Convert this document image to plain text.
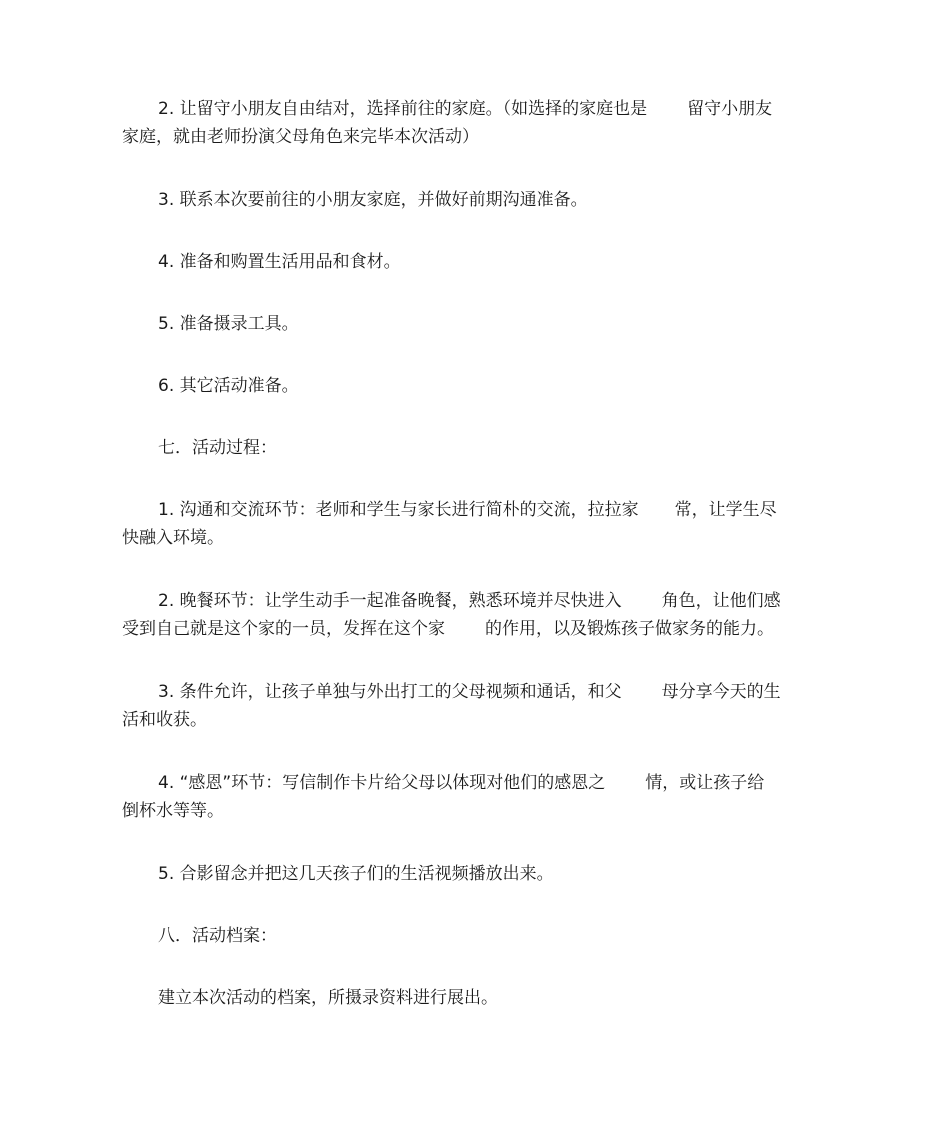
2. 让留守小朋友自由结对，选择前往的家庭。（如选择的家庭也是 留守小朋友
家庭，就由老师扮演父母角色来完毕本次活动）
3. 联系本次要前往的小朋友家庭，并做好前期沟通准备。
4. 准备和购置生活用品和食材。
5. 准备摄录工具。
6. 其它活动准备。
七．活动过程：
1. 沟通和交流环节：老师和学生与家长进行简朴的交流，拉拉家 常，让学生尽
快融入环境。
2. 晚餐环节：让学生动手一起准备晚餐，熟悉环境并尽快进入 角色，让他们感
受到自己就是这个家的一员，发挥在这个家 的作用，以及锻炼孩子做家务的能力。
3. 条件允许，让孩子单独与外出打工的父母视频和通话，和父 母分享今天的生
活和收获。
4. “感恩”环节：写信制作卡片给父母以体现对他们的感恩之 情，或让孩子给
倒杯水等等。
5. 合影留念并把这几天孩子们的生活视频播放出来。
八．活动档案：
建立本次活动的档案，所摄录资料进行展出。
